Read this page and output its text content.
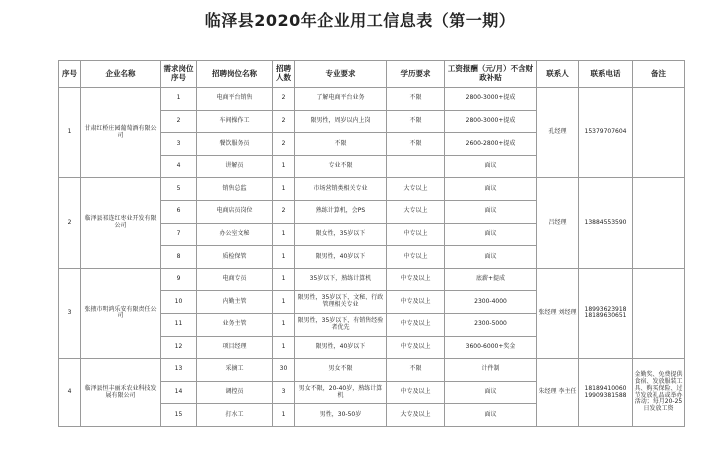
临泽县2020年企业用工信息表（第一期）
序号	企业名称	需求岗位序号	招聘岗位名称	招聘人数	专业要求	学历要求	工资报酬（元/月）不含财政补贴	联系人	联系电话	备注
1	甘肃红桥庄园葡萄酒有限公司	1	电商平台销售	2	了解电商平台业务	不限	2800-3000+提成	孔经理	15379707604	
		2	车间操作工	2	限男性，周岁以内上岗	不限	2800-3000+提成			
		3	餐饮服务员	2	不限	不限	2600-2800+提成			
		4	讲解员	1	专业不限		面议			
2	临泽县祁连红枣业开发有限公司	5	销售总监	1	市场营销类相关专业	大专以上	面议	吕经理	13884553590	
		6	电商店员岗位	2	熟练计算机，会PS	大专以上	面议			
		7	办公室文秘	1	限女性，35岁以下	中专以上	面议			
		8	质检保管	1	限男性，40岁以下	中专以上	面议			
3	张掖市明鸿乐安有限责任公司	9	电商专员	1	35岁以下，熟练计算机	中专及以上	底薪+提成	张经理 刘经理	18993623918 18189630651	
		10	内勤主管	1	限男性，35岁以下，文秘、行政管理相关专业	中专及以上	2300-4000			
		11	业务主管	1	限男性，35岁以下，有销售经验者优先	中专及以上	2300-5000			
		12	项目经理	1	限男性，40岁以下	中专及以上	3600-6000+奖金			
4	临泽县恒丰丽禾农业科技发展有限公司	13	采摘工	30	男女不限	不限	计件制	朱经理 李主任	18189410060 19909381588	金勤奖、免费提供食宿、发放服装工具、购买保险、过节发放礼品或举办活动；每月20-25日发放工资
		14	调控员	3	男女不限，20-40岁，熟练计算机	中专及以上	面议			
		15	打水工	1	男性，30-50岁	大专及以上	面议			
